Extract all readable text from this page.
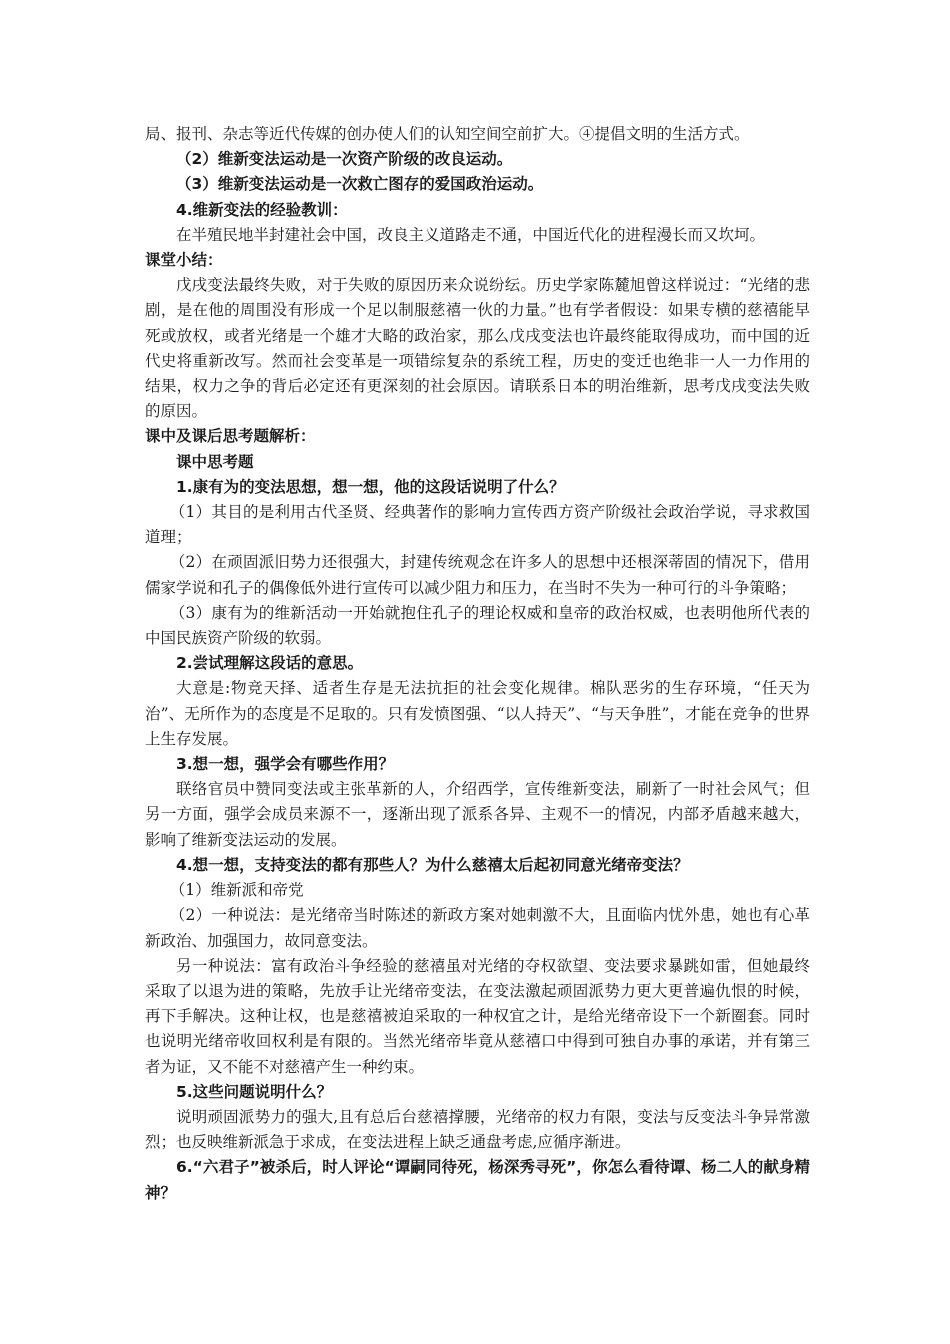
局、报刊、杂志等近代传媒的创办使人们的认知空间空前扩大。④提倡文明的生活方式。

（2）维新变法运动是一次资产阶级的改良运动。

（3）维新变法运动是一次救亡图存的爱国政治运动。

4.维新变法的经验教训：

在半殖民地半封建社会中国，改良主义道路走不通，中国近代化的进程漫长而又坎坷。

课堂小结：

戊戌变法最终失败，对于失败的原因历来众说纷纭。历史学家陈麓旭曾这样说过：“光绪的悲剧，是在他的周围没有形成一个足以制服慈禧一伙的力量。”也有学者假设：如果专横的慈禧能早死或放权，或者光绪是一个雄才大略的政治家，那么戊戌变法也许最终能取得成功，而中国的近代史将重新改写。然而社会变革是一项错综复杂的系统工程，历史的变迁也绝非一人一力作用的结果，权力之争的背后必定还有更深刻的社会原因。请联系日本的明治维新，思考戊戌变法失败的原因。

课中及课后思考题解析：

课中思考题

1.康有为的变法思想，想一想，他的这段话说明了什么？

（1）其目的是利用古代圣贤、经典著作的影响力宣传西方资产阶级社会政治学说，寻求救国道理；

（2）在顽固派旧势力还很强大，封建传统观念在许多人的思想中还根深蒂固的情况下，借用儒家学说和孔子的偶像低外进行宣传可以减少阻力和压力，在当时不失为一种可行的斗争策略；

（3）康有为的维新活动一开始就抱住孔子的理论权威和皇帝的政治权威，也表明他所代表的中国民族资产阶级的软弱。

2.尝试理解这段话的意思。

大意是:物竞天择、适者生存是无法抗拒的社会变化规律。棉队恶劣的生存环境，“任天为治”、无所作为的态度是不足取的。只有发愤图强、“以人持天”、“与天争胜”，才能在竞争的世界上生存发展。

3.想一想，强学会有哪些作用？

联络官员中赞同变法或主张革新的人，介绍西学，宣传维新变法，刷新了一时社会风气；但另一方面，强学会成员来源不一，逐渐出现了派系各异、主观不一的情况，内部矛盾越来越大，影响了维新变法运动的发展。

4.想一想，支持变法的都有那些人？为什么慈禧太后起初同意光绪帝变法？

（1）维新派和帝党

（2）一种说法：是光绪帝当时陈述的新政方案对她刺激不大，且面临内忧外患，她也有心革新政治、加强国力，故同意变法。

另一种说法：富有政治斗争经验的慈禧虽对光绪的夺权欲望、变法要求暴跳如雷，但她最终采取了以退为进的策略，先放手让光绪帝变法，在变法激起顽固派势力更大更普遍仇恨的时候，再下手解决。这种让权，也是慈禧被迫采取的一种权宜之计，是给光绪帝设下一个新圈套。同时也说明光绪帝收回权利是有限的。当然光绪帝毕竟从慈禧口中得到可独自办事的承诺，并有第三者为证，又不能不对慈禧产生一种约束。

5.这些问题说明什么？

说明顽固派势力的强大,且有总后台慈禧撑腰，光绪帝的权力有限，变法与反变法斗争异常激烈；也反映维新派急于求成，在变法进程上缺乏通盘考虑,应循序渐进。

6.“六君子”被杀后，时人评论“谭嗣同待死，杨深秀寻死”，你怎么看待谭、杨二人的献身精神？
